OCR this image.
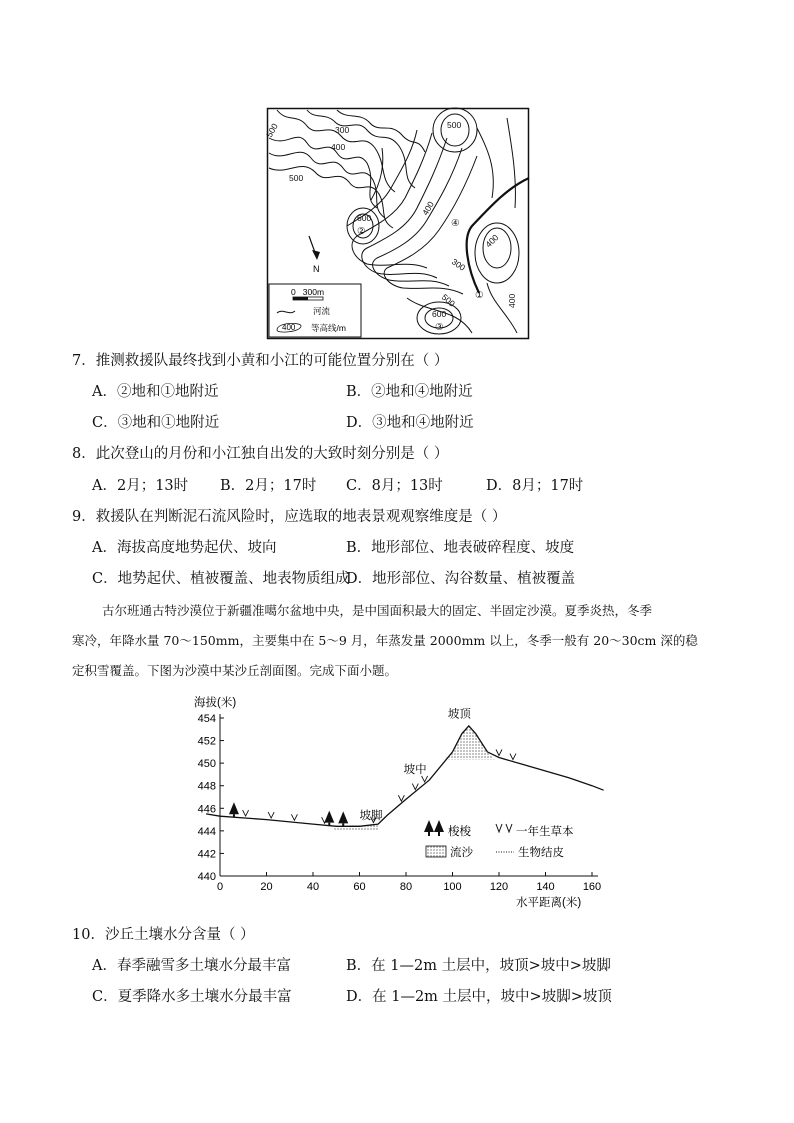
500	300
400
500
500
600
400
400
300
500
600
400
②
④
①
③
N
0   300m
河流
400 等高线/m
7．推测救援队最终找到小黄和小江的可能位置分别在（ ）
A．②地和①地附近	B．②地和④地附近
C．③地和①地附近	D．③地和④地附近
8．此次登山的月份和小江独自出发的大致时刻分别是（ ）
A．2月；13时 B．2月；17时 C．8月；13时	D．8月；17时
9．救援队在判断泥石流风险时，应选取的地表景观观察维度是（ ）
A．海拔高度地势起伏、坡向	B．地形部位、地表破碎程度、坡度
C．地势起伏、植被覆盖、地表物质组成
D．地形部位、沟谷数量、植被覆盖
古尔班通古特沙漠位于新疆准噶尔盆地中央，是中国面积最大的固定、半固定沙漠。夏季炎热，冬季
寒冷，年降水量 70～150mm，主要集中在 5～9 月，年蒸发量 2000mm 以上，冬季一般有 20～30cm 深的稳
定积雪覆盖。下图为沙漠中某沙丘剖面图。完成下面小题。
海拔(米)
水平距离(米)
454
452
450
448
446
444
442
440
0	20	40	60	80	100	120	140	160
坡顶
坡中
坡脚
梭梭	一年生草本
流沙	生物结皮
10．沙丘土壤水分含量（ ）
A．春季融雪多土壤水分最丰富	B．在 1—2m 土层中，坡顶>坡中>坡脚
C．夏季降水多土壤水分最丰富	D．在 1—2m 土层中，坡中>坡脚>坡顶
